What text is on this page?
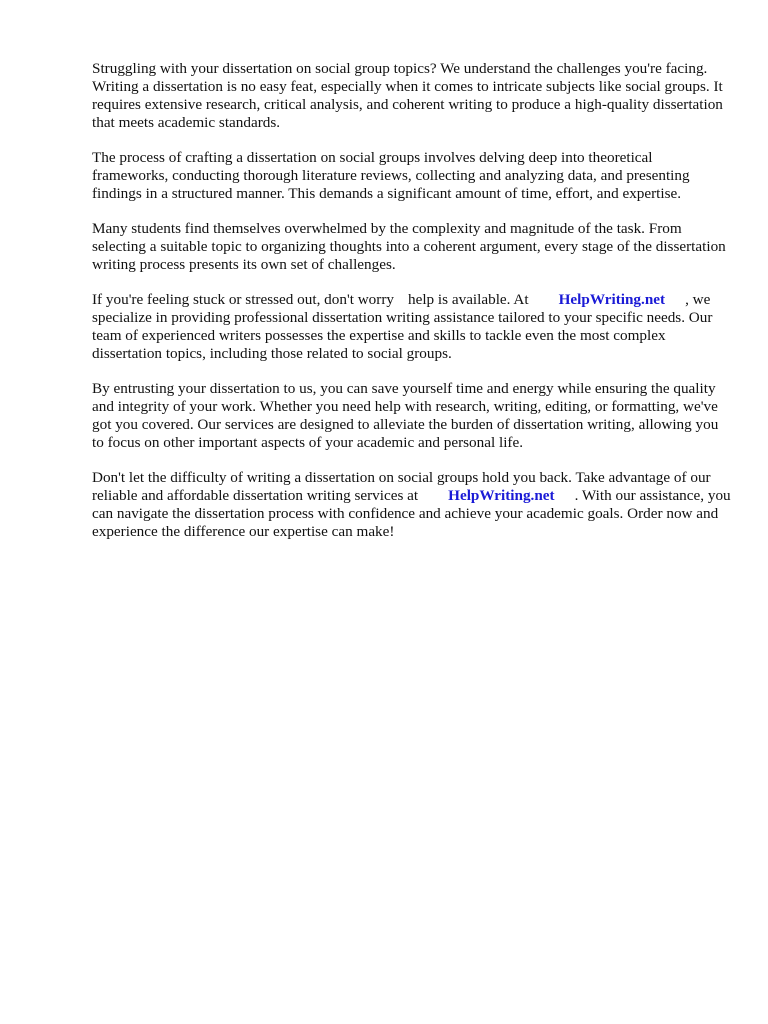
Struggling with your dissertation on social group topics? We understand the challenges you're facing. Writing a dissertation is no easy feat, especially when it comes to intricate subjects like social groups. It requires extensive research, critical analysis, and coherent writing to produce a high-quality dissertation that meets academic standards.

The process of crafting a dissertation on social groups involves delving deep into theoretical frameworks, conducting thorough literature reviews, collecting and analyzing data, and presenting findings in a structured manner. This demands a significant amount of time, effort, and expertise.

Many students find themselves overwhelmed by the complexity and magnitude of the task. From selecting a suitable topic to organizing thoughts into a coherent argument, every stage of the dissertation writing process presents its own set of challenges.

If you're feeling stuck or stressed out, don't worry help is available. At HelpWriting.net , we specialize in providing professional dissertation writing assistance tailored to your specific needs. Our team of experienced writers possesses the expertise and skills to tackle even the most complex dissertation topics, including those related to social groups.

By entrusting your dissertation to us, you can save yourself time and energy while ensuring the quality and integrity of your work. Whether you need help with research, writing, editing, or formatting, we've got you covered. Our services are designed to alleviate the burden of dissertation writing, allowing you to focus on other important aspects of your academic and personal life.

Don't let the difficulty of writing a dissertation on social groups hold you back. Take advantage of our reliable and affordable dissertation writing services at HelpWriting.net . With our assistance, you can navigate the dissertation process with confidence and achieve your academic goals. Order now and experience the difference our expertise can make!
